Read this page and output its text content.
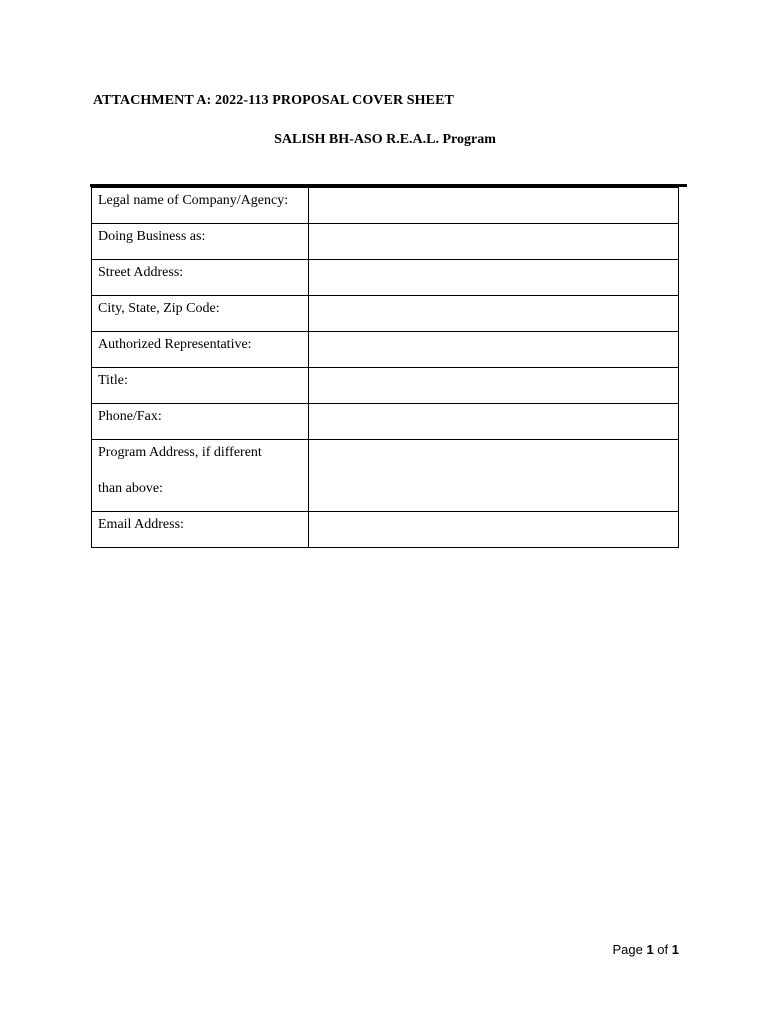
ATTACHMENT A: 2022-113 PROPOSAL COVER SHEET
SALISH BH-ASO R.E.A.L. Program
Legal name of Company/Agency:	
Doing Business as:	
Street Address:	
City, State, Zip Code:	
Authorized Representative:	
Title:	
Phone/Fax:	
Program Address, if different
than above:	

Email Address:	
Page 1 of 1
